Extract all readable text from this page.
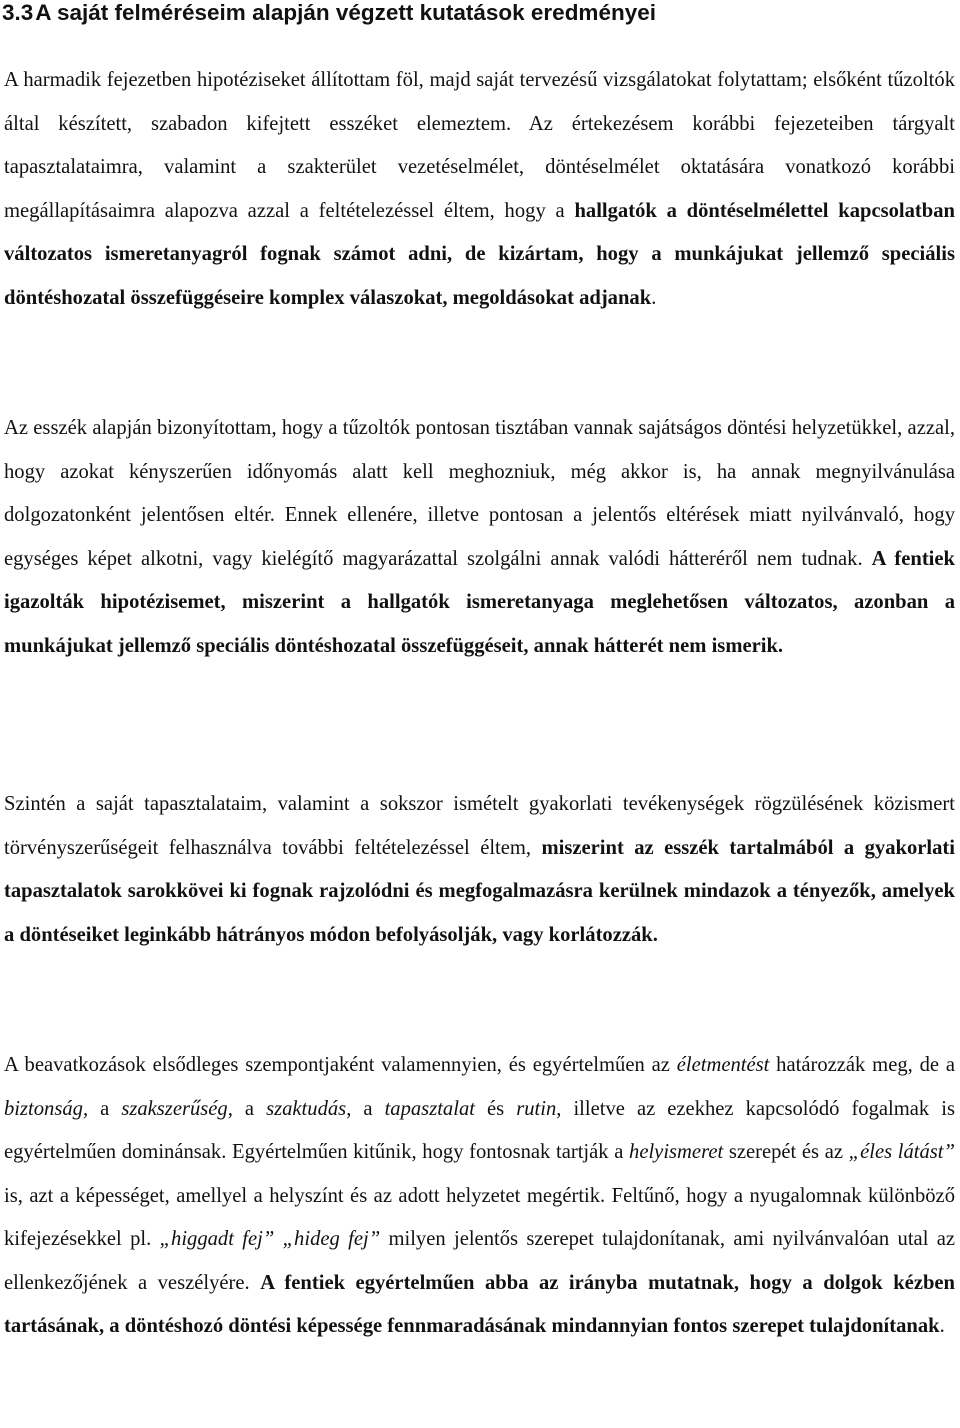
3.3A saját felméréseim alapján végzett kutatások eredményei

A harmadik fejezetben hipotéziseket állítottam föl, majd saját tervezésű vizsgálatokat folytattam; elsőként tűzoltók által készített, szabadon kifejtett esszéket elemeztem. Az értekezésem korábbi fejezeteiben tárgyalt tapasztalataimra, valamint a szakterület vezetéselmélet, döntéselmélet oktatására vonatkozó korábbi megállapításaimra alapozva azzal a feltételezéssel éltem, hogy a hallgatók a döntéselmélettel kapcsolatban változatos ismeretanyagról fognak számot adni, de kizártam, hogy a munkájukat jellemző speciális döntéshozatal összefüggéseire komplex válaszokat, megoldásokat adjanak.

Az esszék alapján bizonyítottam, hogy a tűzoltók pontosan tisztában vannak sajátságos döntési helyzetükkel, azzal, hogy azokat kényszerűen időnyomás alatt kell meghozniuk, még akkor is, ha annak megnyilvánulása dolgozatonként jelentősen eltér. Ennek ellenére, illetve pontosan a jelentős eltérések miatt nyilvánvaló, hogy egységes képet alkotni, vagy kielégítő magyarázattal szolgálni annak valódi hátteréről nem tudnak. A fentiek igazolták hipotézisemet, miszerint a hallgatók ismeretanyaga meglehetősen változatos, azonban a munkájukat jellemző speciális döntéshozatal összefüggéseit, annak hátterét nem ismerik.

Szintén a saját tapasztalataim, valamint a sokszor ismételt gyakorlati tevékenységek rögzülésének közismert törvényszerűségeit felhasználva további feltételezéssel éltem, miszerint az esszék tartalmából a gyakorlati tapasztalatok sarokkövei ki fognak rajzolódni és megfogalmazásra kerülnek mindazok a tényezők, amelyek a döntéseiket leginkább hátrányos módon befolyásolják, vagy korlátozzák.

A beavatkozások elsődleges szempontjaként valamennyien, és egyértelműen az életmentést határozzák meg, de a biztonság, a szakszerűség, a szaktudás, a tapasztalat és rutin, illetve az ezekhez kapcsolódó fogalmak is egyértelműen dominánsak. Egyértelműen kitűnik, hogy fontosnak tartják a helyismeret szerepét és az „éles látást” is, azt a képességet, amellyel a helyszínt és az adott helyzetet megértik. Feltűnő, hogy a nyugalomnak különböző kifejezésekkel pl. „higgadt fej” „hideg fej” milyen jelentős szerepet tulajdonítanak, ami nyilvánvalóan utal az ellenkezőjének a veszélyére. A fentiek egyértelműen abba az irányba mutatnak, hogy a dolgok kézben tartásának, a döntéshozó döntési képessége fennmaradásának mindannyian fontos szerepet tulajdonítanak.
